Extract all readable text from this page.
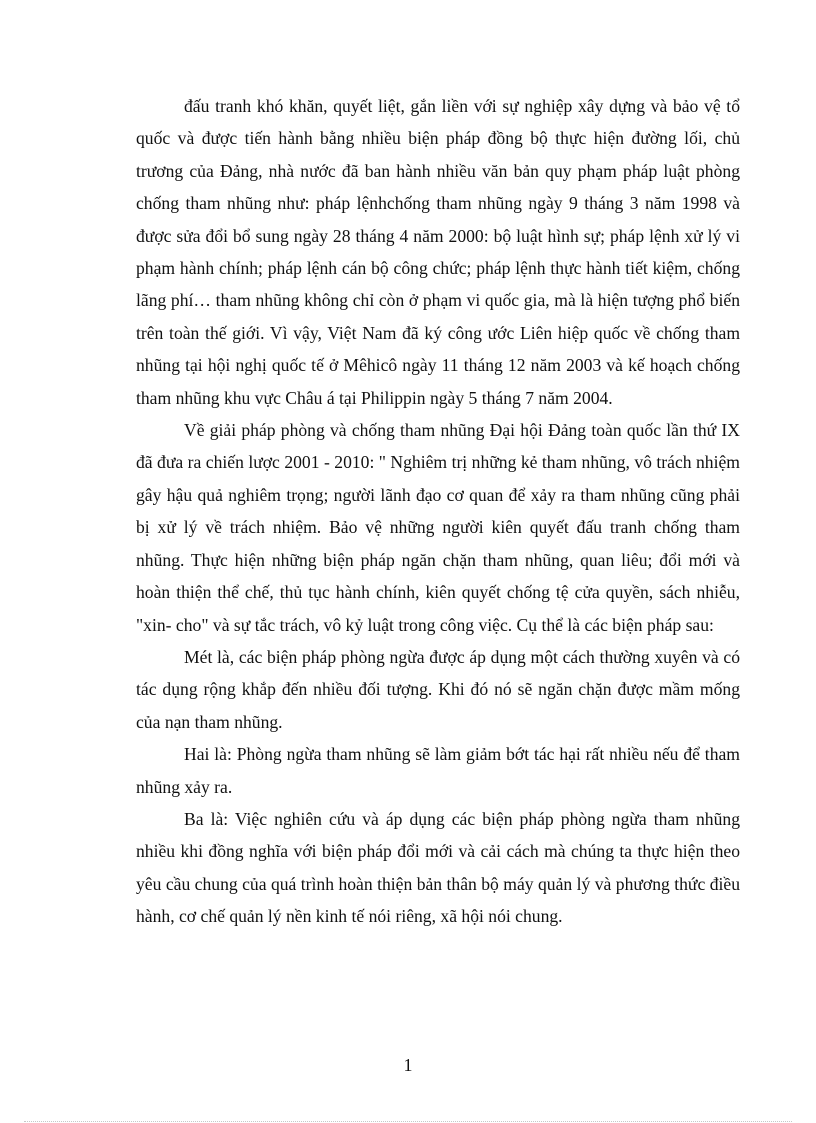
đấu tranh khó khăn, quyết liệt, gắn liền với sự nghiệp xây dựng và bảo vệ tổ quốc và được tiến hành bằng nhiều biện pháp đồng bộ thực hiện đường lối, chủ trương của Đảng, nhà nước đã ban hành nhiều văn bản quy phạm pháp luật phòng chống tham nhũng như: pháp lệnhchống tham nhũng ngày 9 tháng 3 năm 1998 và được sửa đổi bổ sung ngày 28 tháng 4 năm 2000: bộ luật hình sự; pháp lệnh xử lý vi phạm hành chính; pháp lệnh cán bộ công chức; pháp lệnh thực hành tiết kiệm, chống lãng phí… tham nhũng không chỉ còn ở phạm vi quốc gia, mà là hiện tượng phổ biến trên toàn thế giới. Vì vậy, Việt Nam đã ký công ước Liên hiệp quốc về chống tham nhũng tại hội nghị quốc tế ở Mêhicô ngày 11 tháng 12 năm 2003 và kế hoạch chống tham nhũng khu vực Châu á tại Philippin ngày 5 tháng 7 năm 2004.

Về giải pháp phòng và chống tham nhũng Đại hội Đảng toàn quốc lần thứ IX đã đưa ra chiến lược 2001 - 2010: " Nghiêm trị những kẻ tham nhũng, vô trách nhiệm gây hậu quả nghiêm trọng; người lãnh đạo cơ quan để xảy ra tham nhũng cũng phải bị xử lý về trách nhiệm. Bảo vệ những người kiên quyết đấu tranh chống tham nhũng. Thực hiện những biện pháp ngăn chặn tham nhũng, quan liêu; đổi mới và hoàn thiện thể chế, thủ tục hành chính, kiên quyết chống tệ cửa quyền, sách nhiễu, "xin- cho" và sự tắc trách, vô kỷ luật trong công việc. Cụ thể là các biện pháp sau:

Mét là, các biện pháp phòng ngừa được áp dụng một cách thường xuyên và có tác dụng rộng khắp đến nhiều đối tượng. Khi đó nó sẽ ngăn chặn được mầm mống của nạn tham nhũng.

Hai là: Phòng ngừa tham nhũng sẽ làm giảm bớt tác hại rất nhiều nếu để tham nhũng xảy ra.

Ba là: Việc nghiên cứu và áp dụng các biện pháp phòng ngừa tham nhũng nhiều khi đồng nghĩa với biện pháp đổi mới và cải cách mà chúng ta thực hiện theo yêu cầu chung của quá trình hoàn thiện bản thân bộ máy quản lý và phương thức điều hành, cơ chế quản lý nền kinh tế nói riêng, xã hội nói chung.

1
